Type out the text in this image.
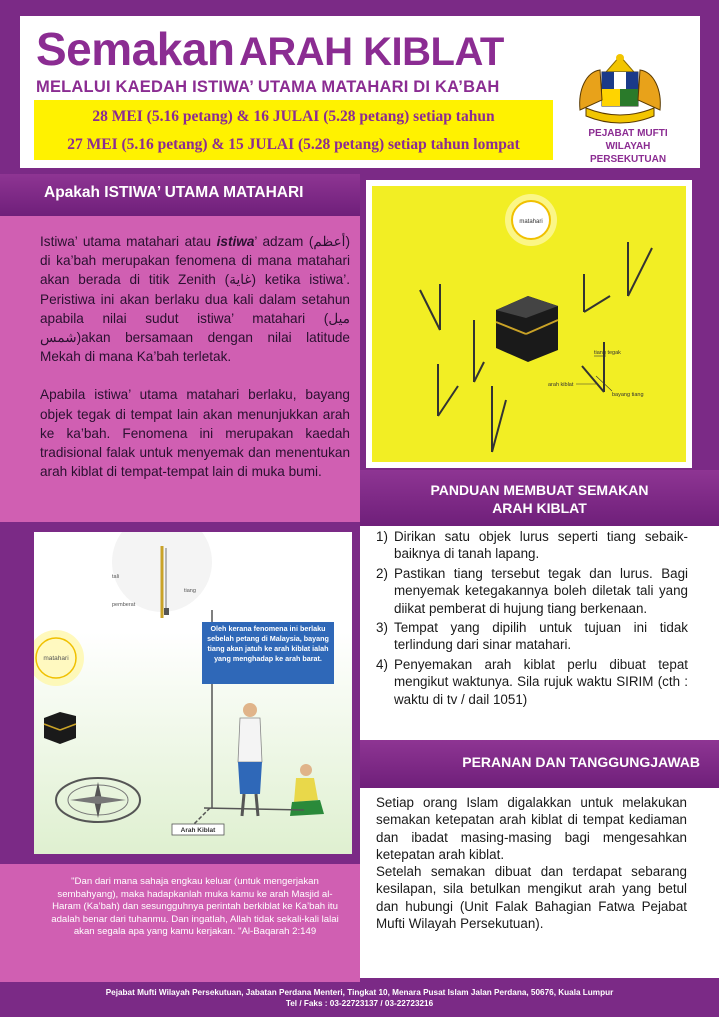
Semakan ARAH KIBLAT
MELALUI KAEDAH ISTIWA’ UTAMA MATAHARI DI KA’BAH
28 MEI (5.16 petang) & 16 JULAI (5.28 petang) setiap tahun
27 MEI (5.16 petang) & 15 JULAI (5.28 petang) setiap tahun lompat
PEJABAT MUFTI
WILAYAH PERSEKUTUAN
Apakah ISTIWA’ UTAMA MATAHARI

Istiwa’ utama matahari atau istiwa’ adzam (أعظم) di ka’bah merupakan fenomena di mana matahari akan berada di titik Zenith (غاية) ketika istiwa’. Peristiwa ini akan berlaku dua kali dalam setahun apabila nilai sudut istiwa’ matahari (ميل شمس)akan bersamaan dengan nilai latitude Mekah di mana Ka’bah terletak.

Apabila istiwa’ utama matahari berlaku, bayang objek tegak di tempat lain akan menunjukkan arah ke ka’bah. Fenomena ini merupakan kaedah tradisional falak untuk menyemak dan menentukan arah kiblat di tempat-tempat lain di muka bumi.

matahari
tiang tegak
arah kiblat
bayang tiang
PANDUAN MEMBUAT SEMAKAN
ARAH KIBLAT
1) Dirikan satu objek lurus seperti tiang sebaik-baiknya di tanah lapang.
2) Pastikan tiang tersebut tegak dan lurus. Bagi menyemak ketegakannya boleh diletak tali yang diikat pemberat di hujung tiang berkenaan.
3) Tempat yang dipilih untuk tujuan ini tidak terlindung dari sinar matahari.
4) Penyemakan arah kiblat perlu dibuat tepat mengikut waktunya. Sila rujuk waktu SIRIM (cth : waktu di tv / dail 1051)
PERANAN DAN TANGGUNGJAWAB

Setiap orang Islam digalakkan untuk melakukan semakan ketepatan arah kiblat di tempat kediaman dan ibadat masing-masing bagi mengesahkan ketepatan arah kiblat.

Setelah semakan dibuat dan terdapat sebarang kesilapan, sila betulkan mengikut arah yang betul dan hubungi (Unit Falak Bahagian Fatwa Pejabat Mufti Wilayah Persekutuan).

tali
tiang
pemberat
matahari
Arah Kiblat
Oleh kerana fenomena ini berlaku sebelah petang di Malaysia, bayang tiang akan jatuh ke arah kiblat ialah yang menghadap ke arah barat.
"Dan dari mana sahaja engkau keluar (untuk mengerjakan sembahyang), maka hadapkanlah muka kamu ke arah Masjid al-Haram (Ka’bah) dan sesungguhnya perintah berkiblat ke Ka’bah itu adalah benar dari tuhanmu. Dan ingatlah, Allah tidak sekali-kali lalai akan segala apa yang kamu kerjakan. "Al-Baqarah 2:149
Pejabat Mufti Wilayah Persekutuan, Jabatan Perdana Menteri, Tingkat 10, Menara Pusat Islam Jalan Perdana, 50676, Kuala Lumpur
Tel / Faks : 03-22723137 / 03-22723216
